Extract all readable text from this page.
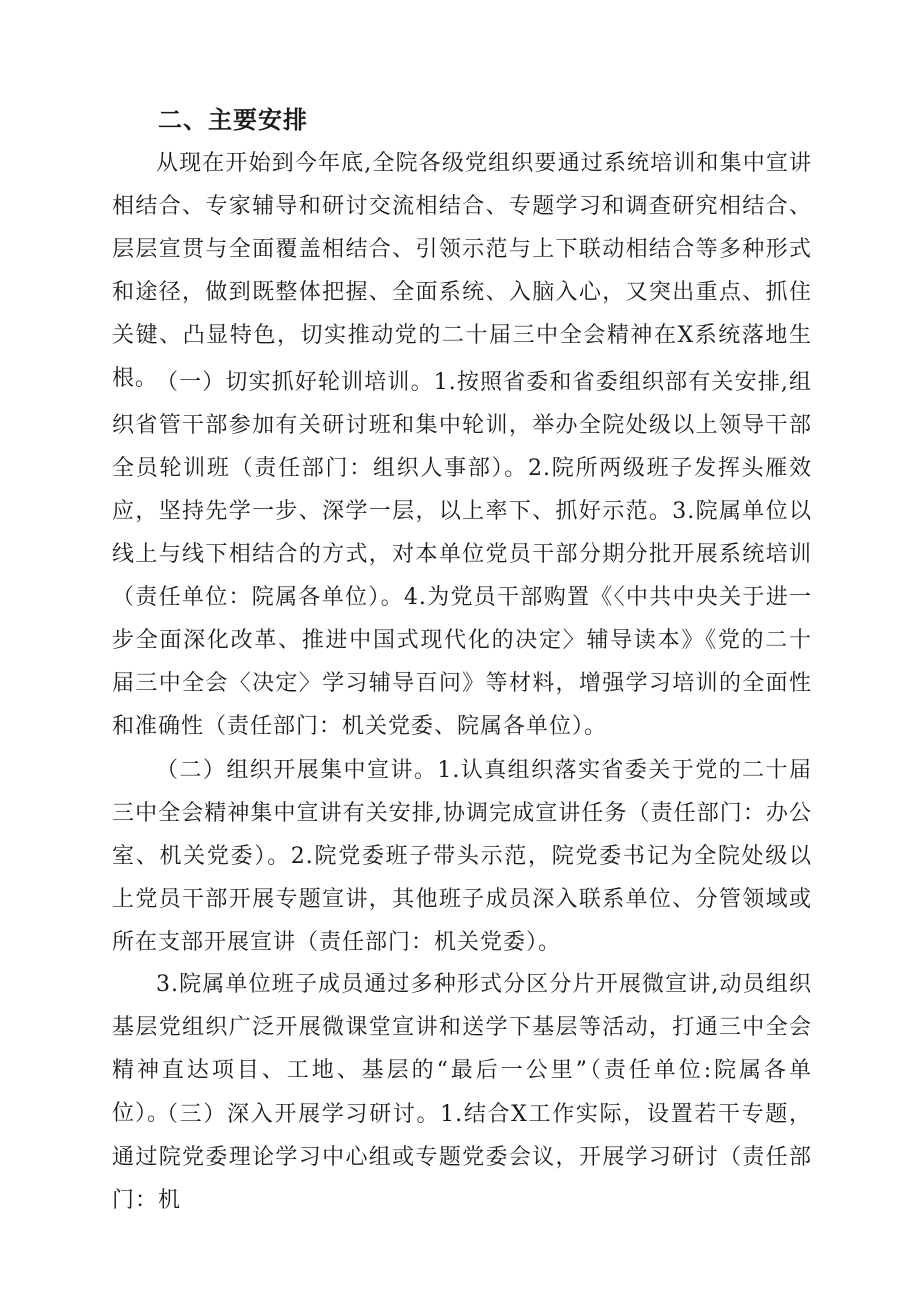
二、主要安排

从现在开始到今年底,全院各级党组织要通过系统培训和集中宣讲相结合、专家辅导和研讨交流相结合、专题学习和调查研究相结合、层层宣贯与全面覆盖相结合、引领示范与上下联动相结合等多种形式和途径，做到既整体把握、全面系统、入脑入心，又突出重点、抓住关键、凸显特色，切实推动党的二十届三中全会精神在X系统落地生根。

（一）切实抓好轮训培训。1.按照省委和省委组织部有关安排,组织省管干部参加有关研讨班和集中轮训，举办全院处级以上领导干部全员轮训班（责任部门：组织人事部）。2.院所两级班子发挥头雁效应，坚持先学一步、深学一层，以上率下、抓好示范。3.院属单位以线上与线下相结合的方式，对本单位党员干部分期分批开展系统培训（责任单位：院属各单位）。4.为党员干部购置《〈中共中央关于进一步全面深化改革、推进中国式现代化的决定〉辅导读本》《党的二十届三中全会〈决定〉学习辅导百问》等材料，增强学习培训的全面性和准确性（责任部门：机关党委、院属各单位）。

（二）组织开展集中宣讲。1.认真组织落实省委关于党的二十届三中全会精神集中宣讲有关安排,协调完成宣讲任务（责任部门：办公室、机关党委）。2.院党委班子带头示范，院党委书记为全院处级以上党员干部开展专题宣讲，其他班子成员深入联系单位、分管领域或所在支部开展宣讲（责任部门：机关党委）。

3.院属单位班子成员通过多种形式分区分片开展微宣讲,动员组织基层党组织广泛开展微课堂宣讲和送学下基层等活动，打通三中全会精神直达项目、工地、基层的“最后一公里”（责任单位:院属各单位）。

（三）深入开展学习研讨。1.结合X工作实际，设置若干专题，通过院党委理论学习中心组或专题党委会议，开展学习研讨（责任部门：机
